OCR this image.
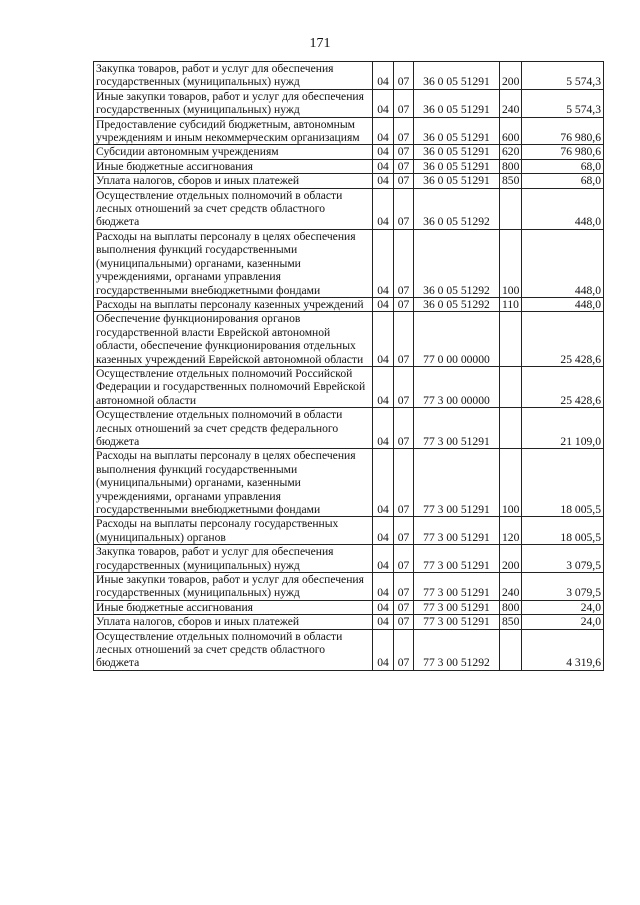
171
Закупка товаров, работ и услуг для обеспечения государственных (муниципальных) нужд	04	07	36 0 05 51291	200	5 574,3
Иные закупки товаров, работ и услуг для обеспечения государственных (муниципальных) нужд	04	07	36 0 05 51291	240	5 574,3
Предоставление субсидий бюджетным, автономным учреждениям и иным некоммерческим организациям	04	07	36 0 05 51291	600	76 980,6
Субсидии автономным учреждениям	04	07	36 0 05 51291	620	76 980,6
Иные бюджетные ассигнования	04	07	36 0 05 51291	800	68,0
Уплата налогов, сборов и иных платежей	04	07	36 0 05 51291	850	68,0
Осуществление отдельных полномочий в области лесных отношений за счет средств областного бюджета	04	07	36 0 05 51292		448,0
Расходы на выплаты персоналу в целях обеспечения выполнения функций государственными (муниципальными) органами, казенными учреждениями, органами управления государственными внебюджетными фондами	04	07	36 0 05 51292	100	448,0
Расходы на выплаты персоналу казенных учреждений	04	07	36 0 05 51292	110	448,0
Обеспечение функционирования органов государственной власти Еврейской автономной области, обеспечение функционирования отдельных казенных учреждений Еврейской автономной области	04	07	77 0 00 00000		25 428,6
Осуществление отдельных полномочий Российской Федерации и государственных полномочий Еврейской автономной области	04	07	77 3 00 00000		25 428,6
Осуществление отдельных полномочий в области лесных отношений за счет средств федерального бюджета	04	07	77 3 00 51291		21 109,0
Расходы на выплаты персоналу в целях обеспечения выполнения функций государственными (муниципальными) органами, казенными учреждениями, органами управления государственными внебюджетными фондами	04	07	77 3 00 51291	100	18 005,5
Расходы на выплаты персоналу государственных (муниципальных) органов	04	07	77 3 00 51291	120	18 005,5
Закупка товаров, работ и услуг для обеспечения государственных (муниципальных) нужд	04	07	77 3 00 51291	200	3 079,5
Иные закупки товаров, работ и услуг для обеспечения государственных (муниципальных) нужд	04	07	77 3 00 51291	240	3 079,5
Иные бюджетные ассигнования	04	07	77 3 00 51291	800	24,0
Уплата налогов, сборов и иных платежей	04	07	77 3 00 51291	850	24,0
Осуществление отдельных полномочий в области лесных отношений за счет средств областного бюджета	04	07	77 3 00 51292		4 319,6
